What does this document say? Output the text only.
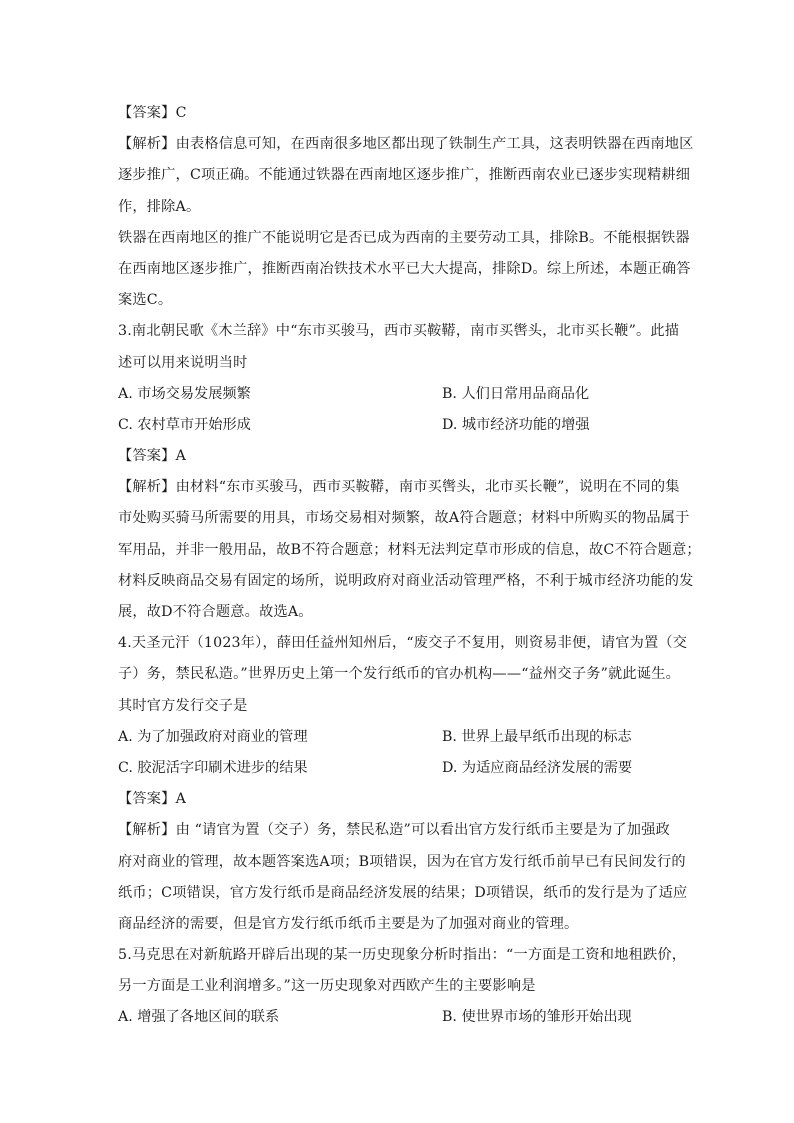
【答案】C
【解析】由表格信息可知，在西南很多地区都出现了铁制生产工具，这表明铁器在西南地区
逐步推广，C项正确。不能通过铁器在西南地区逐步推广，推断西南农业已逐步实现精耕细
作，排除A。
铁器在西南地区的推广不能说明它是否已成为西南的主要劳动工具，排除B。不能根据铁器
在西南地区逐步推广，推断西南冶铁技术水平已大大提高，排除D。综上所述，本题正确答
案选C。
3.南北朝民歌《木兰辞》中“东市买骏马，西市买鞍鞯，南市买辔头，北市买长鞭”。此描
述可以用来说明当时
A. 市场交易发展频繁	B. 人们日常用品商品化
C. 农村草市开始形成	D. 城市经济功能的增强
【答案】A
【解析】由材料“东市买骏马，西市买鞍鞯，南市买辔头，北市买长鞭”，说明在不同的集
市处购买骑马所需要的用具，市场交易相对频繁，故A符合题意；材料中所购买的物品属于
军用品，并非一般用品，故B不符合题意；材料无法判定草市形成的信息，故C不符合题意；
材料反映商品交易有固定的场所，说明政府对商业活动管理严格，不利于城市经济功能的发
展，故D不符合题意。故选A。
4.天圣元汗（1023年），薛田任益州知州后，“废交子不复用，则资易非便，请官为置（交
子）务，禁民私造。”世界历史上第一个发行纸币的官办机构——“益州交子务”就此诞生。
其时官方发行交子是
A. 为了加强政府对商业的管理	B. 世界上最早纸币出现的标志
C. 胶泥活字印刷术进步的结果	D. 为适应商品经济发展的需要
【答案】A
【解析】由 “请官为置（交子）务，禁民私造”可以看出官方发行纸币主要是为了加强政
府对商业的管理，故本题答案选A项；B项错误，因为在官方发行纸币前早已有民间发行的
纸币；C项错误，官方发行纸币是商品经济发展的结果；D项错误，纸币的发行是为了适应
商品经济的需要，但是官方发行纸币纸币主要是为了加强对商业的管理。
5.马克思在对新航路开辟后出现的某一历史现象分析时指出：“一方面是工资和地租跌价，
另一方面是工业利润增多。”这一历史现象对西欧产生的主要影响是
A. 增强了各地区间的联系	B. 使世界市场的雏形开始出现
